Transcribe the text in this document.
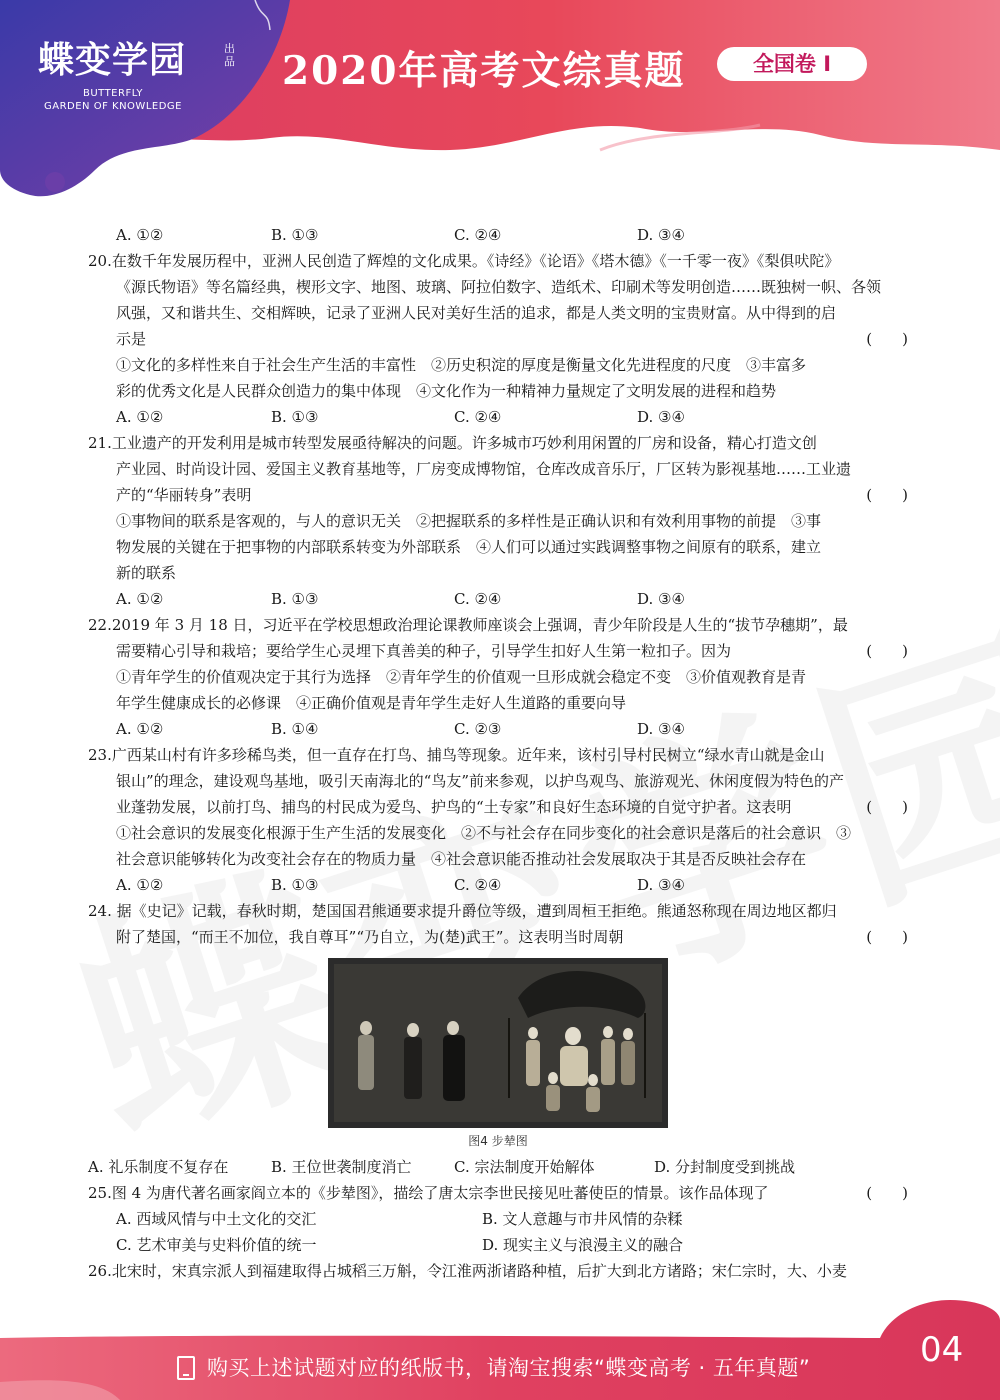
蝶变学园	出品
BUTTERFLY
GARDEN OF KNOWLEDGE
2020年高考文综真题	全国卷 I
A. ①②	B. ①③	C. ②④	D. ③④
20.在数千年发展历程中，亚洲人民创造了辉煌的文化成果。《诗经》《论语》《塔木德》《一千零一夜》《梨俱吠陀》
《源氏物语》等名篇经典，楔形文字、地图、玻璃、阿拉伯数字、造纸术、印刷术等发明创造……既独树一帜、各领
风强，又和谐共生、交相辉映，记录了亚洲人民对美好生活的追求，都是人类文明的宝贵财富。从中得到的启
示是	(　　)
①文化的多样性来自于社会生产生活的丰富性　②历史积淀的厚度是衡量文化先进程度的尺度　③丰富多
彩的优秀文化是人民群众创造力的集中体现　④文化作为一种精神力量规定了文明发展的进程和趋势
A. ①②	B. ①③	C. ②④	D. ③④
21.工业遗产的开发利用是城市转型发展亟待解决的问题。许多城市巧妙利用闲置的厂房和设备，精心打造文创
产业园、时尚设计园、爱国主义教育基地等，厂房变成博物馆，仓库改成音乐厅，厂区转为影视基地……工业遗
产的“华丽转身”表明	(　　)
①事物间的联系是客观的，与人的意识无关　②把握联系的多样性是正确认识和有效利用事物的前提　③事
物发展的关键在于把事物的内部联系转变为外部联系　④人们可以通过实践调整事物之间原有的联系，建立
新的联系
A. ①②	B. ①③	C. ②④	D. ③④
22.2019 年 3 月 18 日，习近平在学校思想政治理论课教师座谈会上强调，青少年阶段是人生的“拔节孕穗期”，最
需要精心引导和栽培；要给学生心灵埋下真善美的种子，引导学生扣好人生第一粒扣子。因为	(　　)
①青年学生的价值观决定于其行为选择　②青年学生的价值观一旦形成就会稳定不变　③价值观教育是青
年学生健康成长的必修课　④正确价值观是青年学生走好人生道路的重要向导
A. ①②	B. ①④	C. ②③	D. ③④
23.广西某山村有许多珍稀鸟类，但一直存在打鸟、捕鸟等现象。近年来，该村引导村民树立“绿水青山就是金山
银山”的理念，建设观鸟基地，吸引天南海北的“鸟友”前来参观，以护鸟观鸟、旅游观光、休闲度假为特色的产
业蓬勃发展，以前打鸟、捕鸟的村民成为爱鸟、护鸟的“土专家”和良好生态环境的自觉守护者。这表明	(　　)
①社会意识的发展变化根源于生产生活的发展变化　②不与社会存在同步变化的社会意识是落后的社会意识　③
社会意识能够转化为改变社会存在的物质力量　④社会意识能否推动社会发展取决于其是否反映社会存在
A. ①②	B. ①③	C. ②④	D. ③④
24. 据《史记》记载，春秋时期，楚国国君熊通要求提升爵位等级，遭到周桓王拒绝。熊通怒称现在周边地区都归
附了楚国，“而王不加位，我自尊耳”“乃自立，为(楚)武王”。这表明当时周朝	(　　)
图4 步辇图
A. 礼乐制度不复存在	B. 王位世袭制度消亡	C. 宗法制度开始解体	D. 分封制度受到挑战
25.图 4 为唐代著名画家阎立本的《步辇图》，描绘了唐太宗李世民接见吐蕃使臣的情景。该作品体现了	(　　)
A. 西域风情与中土文化的交汇	B. 文人意趣与市井风情的杂糅
C. 艺术审美与史料价值的统一	D. 现实主义与浪漫主义的融合
26.北宋时，宋真宗派人到福建取得占城稻三万斛，令江淮两浙诸路种植，后扩大到北方诸路；宋仁宗时，大、小麦
购买上述试题对应的纸版书，请淘宝搜索“蝶变高考 · 五年真题”	04
